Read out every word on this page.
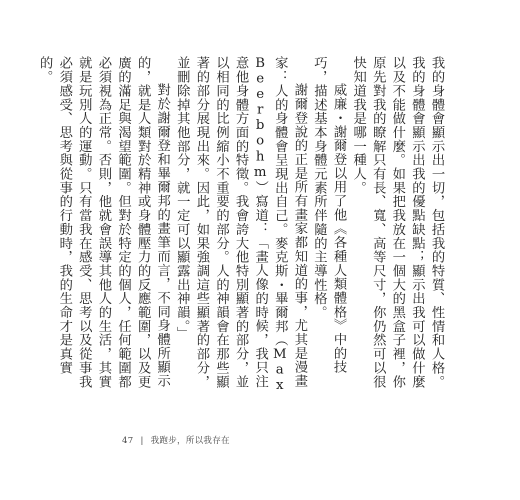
我的身體會顯示出一切，包括我的特質、性情和人格。我的身體會顯示出我的優點缺點；顯示出我可以做什麼以及不能做什麼。如果把我放在一個大的黑盒子裡，你原先對我的瞭解只有長、寬、高等尺寸，你仍然可以很快知道我是哪一種人。

威廉・謝爾登以用了他《各種人類體格》中的技巧，描述基本身體元素所伴隨的主導性格。

謝爾登說的正是所有畫家都知道的事，尤其是漫畫家：人的身體會呈現出自己。麥克斯・畢爾邦（Max Beerbohm）寫道：「畫人像的時候，我只注意他身體方面的特徵。我會誇大他特別顯著的部分，並以相同的比例縮小不重要的部分。人的神韻會在那些顯著的部分展現出來。因此，如果強調這些顯著的部分，並刪除掉其他部分，就一定可以顯露出神韻。」

對於謝爾登和畢爾邦的畫筆而言，不同身體所顯示的，就是人類對於精神或身體壓力的反應範圍，以及更廣的滿足與渴望範圍。但對於特定的個人，任何範圍都必須視為正常。否則，他就會誤導其他人的生活，其實就是玩別人的運動。只有當我在感受、思考以及從事我必須感受、思考與從事的行動時，我的生命才是真實的。

47 | 我跑步，所以我存在
